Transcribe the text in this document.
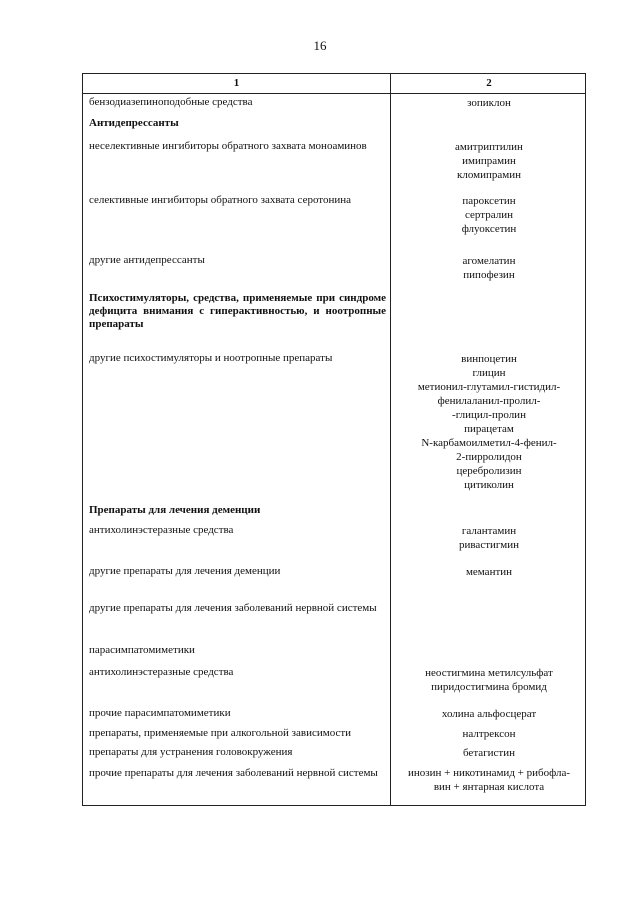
16
1	2
бензодиазепиноподобные средства	зопиклон
Антидепрессанты
неселективные ингибиторы обратного захвата моноаминов	амитриптилин
имипрамин
кломипрамин
селективные ингибиторы обратного захвата серотонина	пароксетин
сертралин
флуоксетин
другие антидепрессанты	агомелатин
пипофезин
Психостимуляторы, средства, применяемые при синдроме дефицита внимания с гиперактивностью, и ноотропные препараты
другие психостимуляторы и ноотропные препараты	винпоцетин
глицин
метионил-глутамил-гистидил-
фенилаланил-пролил-
-глицил-пролин
пирацетам
N-карбамоилметил-4-фенил-
2-пирролидон
церебролизин
цитиколин
Препараты для лечения деменции
антихолинэстеразные средства	галантамин
ривастигмин
другие препараты для лечения деменции	мемантин
другие препараты для лечения заболеваний нервной системы
парасимпатомиметики
антихолинэстеразные средства	неостигмина метилсульфат
пиридостигмина бромид
прочие парасимпатомиметики	холина альфосцерат
препараты, применяемые при алкогольной зависимости	налтрексон
препараты для устранения головокружения	бетагистин
прочие препараты для лечения заболеваний нервной системы	инозин + никотинамид + рибофла-
вин + янтарная кислота
